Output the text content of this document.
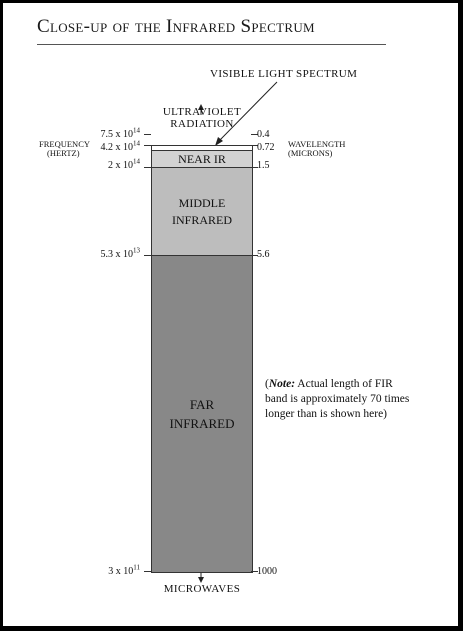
Close-up of the Infrared Spectrum
VISIBLE LIGHT SPECTRUM
ULTRAVIOLET
RADIATION
FREQUENCY
(HERTZ)
WAVELENGTH
(MICRONS)
NEAR IR
MIDDLE
INFRARED
FAR
INFRARED
7.5 x $10^{14}$
4.2 x $10^{14}$
2 x $10^{14}$
5.3 x $10^{13}$
3 x $10^{11}$
0.4
0.72
1.5
5.6
1000
MICROWAVES
(Note: Actual length of FIR band is approximately 70 times longer than is shown here)
